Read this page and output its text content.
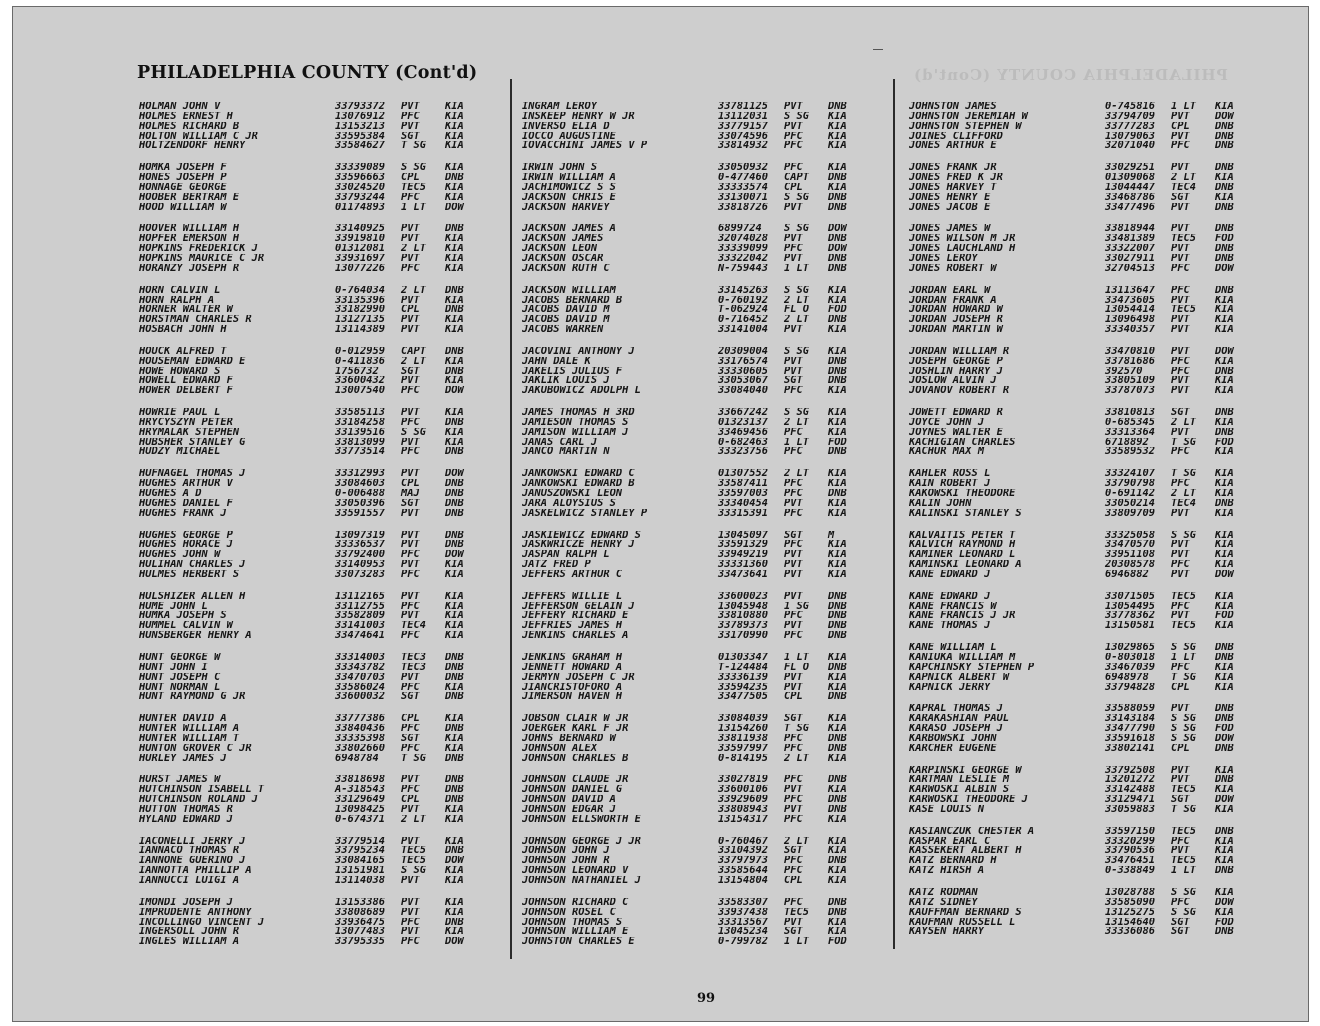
PHILADELPHIA COUNTY (Cont'd)
PHILADELPHIA COUNTY (Cont'd)
HOLMAN JOHN V	33793372	PVT	KIA
HOLMES ERNEST H	13076912	PFC	KIA
HOLMES RICHARD B	13153213	PVT	KIA
HOLTON WILLIAM C JR	33595384	SGT	KIA
HOLTZENDORF HENRY	33584627	T SG	KIA
HOMKA JOSEPH F	33339089	S SG	KIA
HONES JOSEPH P	33596663	CPL	DNB
HONNAGE GEORGE	33024520	TEC5	KIA
HOOBER BERTRAM E	33793244	PFC	KIA
HOOD WILLIAM W	01174893	1 LT	DOW
HOOVER WILLIAM H	33140925	PVT	DNB
HOPFER EMERSON H	33919810	PVT	KIA
HOPKINS FREDERICK J	01312081	2 LT	KIA
HOPKINS MAURICE C JR	33931697	PVT	KIA
HORANZY JOSEPH R	13077226	PFC	KIA
HORN CALVIN L	0-764034	2 LT	DNB
HORN RALPH A	33135396	PVT	KIA
HORNER WALTER W	33182990	CPL	DNB
HORSTMAN CHARLES R	13127135	PVT	KIA
HOSBACH JOHN H	13114389	PVT	KIA
HOUCK ALFRED T	0-012959	CAPT	DNB
HOUSEMAN EDWARD E	0-411836	2 LT	KIA
HOWE HOWARD S	1756732	SGT	DNB
HOWELL EDWARD F	33600432	PVT	KIA
HOWER DELBERT F	13007540	PFC	DOW
HOWRIE PAUL L	33585113	PVT	KIA
HRYCYSZYN PETER	33184258	PFC	DNB
HRYMALAK STEPHEN	33139516	S SG	KIA
HUBSHER STANLEY G	33813099	PVT	KIA
HUDZY MICHAEL	33773514	PFC	DNB
HUFNAGEL THOMAS J	33312993	PVT	DOW
HUGHES ARTHUR V	33084603	CPL	DNB
HUGHES A D	0-006488	MAJ	DNB
HUGHES DANIEL F	33050396	SGT	DNB
HUGHES FRANK J	33591557	PVT	DNB
HUGHES GEORGE P	13097319	PVT	DNB
HUGHES HORACE J	33336537	PVT	DNB
HUGHES JOHN W	33792400	PFC	DOW
HULIHAN CHARLES J	33140953	PVT	KIA
HULMES HERBERT S	33073283	PFC	KIA
HULSHIZER ALLEN H	13112165	PVT	KIA
HUME JOHN L	33112755	PFC	KIA
HUMKA JOSEPH S	33582809	PVT	KIA
HUMMEL CALVIN W	33141003	TEC4	KIA
HUNSBERGER HENRY A	33474641	PFC	KIA
HUNT GEORGE W	33314003	TEC3	DNB
HUNT JOHN I	33343782	TEC3	DNB
HUNT JOSEPH C	33470703	PVT	DNB
HUNT NORMAN L	33586024	PFC	KIA
HUNT RAYMOND G JR	33600032	SGT	DNB
HUNTER DAVID A	33777386	CPL	KIA
HUNTER WILLIAM A	33840436	PFC	DNB
HUNTER WILLIAM T	33335398	SGT	KIA
HUNTON GROVER C JR	33802660	PFC	KIA
HURLEY JAMES J	6948784	T SG	DNB
HURST JAMES W	33818698	PVT	DNB
HUTCHINSON ISABELL T	A-318543	PFC	DNB
HUTCHINSON ROLAND J	33129649	CPL	DNB
HUTTON THOMAS R	13098425	PVT	KIA
HYLAND EDWARD J	0-674371	2 LT	KIA
IACONELLI JERRY J	33779514	PVT	KIA
IANNACO THOMAS R	33795234	TEC5	DNB
IANNONE GUERINO J	33084165	TEC5	DOW
IANNOTTA PHILLIP A	13151981	S SG	KIA
IANNUCCI LUIGI A	13114038	PVT	KIA
IMONDI JOSEPH J	13153386	PVT	KIA
IMPRUDENTE ANTHONY	33808689	PVT	KIA
INCOLLINGO VINCENT J	33936475	PFC	DNB
INGERSOLL JOHN R	13077483	PVT	KIA
INGLES WILLIAM A	33795335	PFC	DOW
INGRAM LEROY	33781125	PVT	DNB
INSKEEP HENRY W JR	13112031	S SG	KIA
INVERSO ELIA D	33779157	PVT	KIA
IOCCO AUGUSTINE	33074596	PFC	KIA
IOVACCHINI JAMES V P	33814932	PFC	KIA
IRWIN JOHN S	33050932	PFC	KIA
IRWIN WILLIAM A	0-477460	CAPT	DNB
JACHIMOWICZ S S	33333574	CPL	KIA
JACKSON CHRIS E	33130071	S SG	DNB
JACKSON HARVEY	33818726	PVT	DNB
JACKSON JAMES A	6899724	S SG	DOW
JACKSON JAMES	32074028	PVT	DNB
JACKSON LEON	33339099	PFC	DOW
JACKSON OSCAR	33322042	PVT	DNB
JACKSON RUTH C	N-759443	1 LT	DNB
JACKSON WILLIAM	33145263	S SG	KIA
JACOBS BERNARD B	0-760192	2 LT	KIA
JACOBS DAVID M	T-062924	FL O	FOD
JACOBS DAVID M	0-716452	2 LT	DNB
JACOBS WARREN	33141004	PVT	KIA
JACOVINI ANTHONY J	20309004	S SG	KIA
JAHN DALE K	33176574	PVT	DNB
JAKELIS JULIUS F	33330605	PVT	DNB
JAKLIK LOUIS J	33053067	SGT	DNB
JAKUBOWICZ ADOLPH L	33084040	PFC	KIA
JAMES THOMAS H 3RD	33667242	S SG	KIA
JAMIESON THOMAS S	01323137	2 LT	KIA
JAMISON WILLIAM J	33469456	PFC	KIA
JANAS CARL J	0-682463	1 LT	FOD
JANCO MARTIN N	33323756	PFC	DNB
JANKOWSKI EDWARD C	01307552	2 LT	KIA
JANKOWSKI EDWARD B	33587411	PFC	KIA
JANUSZOWSKI LEON	33597003	PFC	DNB
JARA ALOYSIUS S	33340454	PVT	KIA
JASKELWICZ STANLEY P	33315391	PFC	KIA
JASKIEWICZ EDWARD S	13045097	SGT	M
JASKWRICZE HENRY J	33591329	PFC	KIA
JASPAN RALPH L	33949219	PVT	KIA
JATZ FRED P	33331360	PVT	KIA
JEFFERS ARTHUR C	33473641	PVT	KIA
JEFFERS WILLIE L	33600023	PVT	DNB
JEFFERSON GELAIN J	13045948	1 SG	DNB
JEFFERY RICHARD E	33810880	PFC	DNB
JEFFRIES JAMES H	33789373	PVT	DNB
JENKINS CHARLES A	33170990	PFC	DNB
JENKINS GRAHAM H	01303347	1 LT	KIA
JENNETT HOWARD A	T-124484	FL O	DNB
JERMYN JOSEPH C JR	33336139	PVT	KIA
JIANCRISTOFORO A	33594235	PVT	KIA
JIMERSON HAVEN H	33477505	CPL	DNB
JOBSON CLAIR W JR	33084039	SGT	KIA
JOERGER KARL F JR	13154260	T SG	KIA
JOHNS BERNARD W	33811938	PFC	DNB
JOHNSON ALEX	33597997	PFC	DNB
JOHNSON CHARLES B	0-814195	2 LT	KIA
JOHNSON CLAUDE JR	33027819	PFC	DNB
JOHNSON DANIEL G	33600106	PVT	KIA
JOHNSON DAVID A	33929609	PFC	DNB
JOHNSON EDGAR J	33808943	PVT	DNB
JOHNSON ELLSWORTH E	13154317	PFC	KIA
JOHNSON GEORGE J JR	0-760467	2 LT	KIA
JOHNSON JOHN J	33104392	SGT	KIA
JOHNSON JOHN R	33797973	PFC	DNB
JOHNSON LEONARD V	33585644	PFC	KIA
JOHNSON NATHANIEL J	13154804	CPL	KIA
JOHNSON RICHARD C	33583307	PFC	DNB
JOHNSON ROSEL C	33937438	TEC5	DNB
JOHNSON THOMAS S	33313567	PVT	KIA
JOHNSON WILLIAM E	13045234	SGT	KIA
JOHNSTON CHARLES E	0-799782	1 LT	FOD
JOHNSTON JAMES	0-745816	1 LT	KIA
JOHNSTON JEREMIAH W	33794709	PVT	DOW
JOHNSTON STEPHEN W	33777283	CPL	DNB
JOINES CLIFFORD	13079063	PVT	DNB
JONES ARTHUR E	32071040	PFC	DNB
JONES FRANK JR	33029251	PVT	DNB
JONES FRED K JR	01309068	2 LT	KIA
JONES HARVEY T	13044447	TEC4	DNB
JONES HENRY E	33468786	SGT	KIA
JONES JACOB E	33477496	PVT	DNB
JONES JAMES W	33818944	PVT	DNB
JONES WILSON M JR	33481389	TEC5	FOD
JONES LAUCHLAND H	33322007	PVT	DNB
JONES LEROY	33027911	PVT	DNB
JONES ROBERT W	32704513	PFC	DOW
JORDAN EARL W	13113647	PFC	DNB
JORDAN FRANK A	33473605	PVT	KIA
JORDAN HOWARD W	13054414	TEC5	KIA
JORDAN JOSEPH R	13096498	PVT	KIA
JORDAN MARTIN W	33340357	PVT	KIA
JORDAN WILLIAM R	33470810	PVT	DOW
JOSEPH GEORGE P	33781686	PFC	KIA
JOSHLIN HARRY J	392570	PFC	DNB
JOSLOW ALVIN J	33805109	PVT	KIA
JOVANOV ROBERT R	33787073	PVT	KIA
JOWETT EDWARD R	33810813	SGT	DNB
JOYCE JOHN J	0-685345	2 LT	KIA
JOYNES WALTER E	33313364	PVT	DNB
KACHIGIAN CHARLES	6718892	T SG	FOD
KACHUR MAX M	33589532	PFC	KIA
KAHLER ROSS L	33324107	T SG	KIA
KAIN ROBERT J	33790798	PFC	KIA
KAKOWSKI THEODORE	0-691142	2 LT	KIA
KALIN JOHN	33050214	TEC4	DNB
KALINSKI STANLEY S	33809709	PVT	KIA
KALVAITIS PETER T	33325058	S SG	KIA
KALVICH RAYMOND H	33470570	PVT	KIA
KAMINER LEONARD L	33951108	PVT	KIA
KAMINSKI LEONARD A	20308578	PFC	KIA
KANE EDWARD J	6946882	PVT	DOW
KANE EDWARD J	33071505	TEC5	KIA
KANE FRANCIS W	13054495	PFC	KIA
KANE FRANCIS J JR	33778362	PVT	FOD
KANE THOMAS J	13150581	TEC5	KIA
KANE WILLIAM L	13029865	S SG	DNB
KANIUKA WILLIAM M	0-803018	1 LT	DNB
KAPCHINSKY STEPHEN P	33467039	PFC	KIA
KAPNICK ALBERT W	6948978	T SG	KIA
KAPNICK JERRY	33794828	CPL	KIA
KAPRAL THOMAS J	33588059	PVT	DNB
KARAKASHIAN PAUL	33143184	S SG	DNB
KARASO JOSEPH J	33477790	S SG	FOD
KARBOWSKI JOHN	33591618	S SG	DOW
KARCHER EUGENE	33802141	CPL	DNB
KARPINSKI GEORGE W	33792508	PVT	KIA
KARTMAN LESLIE M	13201272	PVT	DNB
KARWOSKI ALBIN S	33142488	TEC5	KIA
KARWOSKI THEODORE J	33129471	SGT	DOW
KASE LOUIS N	33059883	T SG	KIA
KASIANCZUK CHESTER A	33597150	TEC5	DNB
KASPAR EARL C	33320299	PFC	KIA
KASSEKERT ALBERT H	33790536	PVT	KIA
KATZ BERNARD H	33476451	TEC5	KIA
KATZ HIRSH A	0-338849	1 LT	DNB
KATZ RODMAN	13028788	S SG	KIA
KATZ SIDNEY	33585090	PFC	DOW
KAUFFMAN BERNARD S	13125275	S SG	KIA
KAUFMAN RUSSELL L	13154640	SGT	FOD
KAYSEN HARRY	33336086	SGT	DNB
99
